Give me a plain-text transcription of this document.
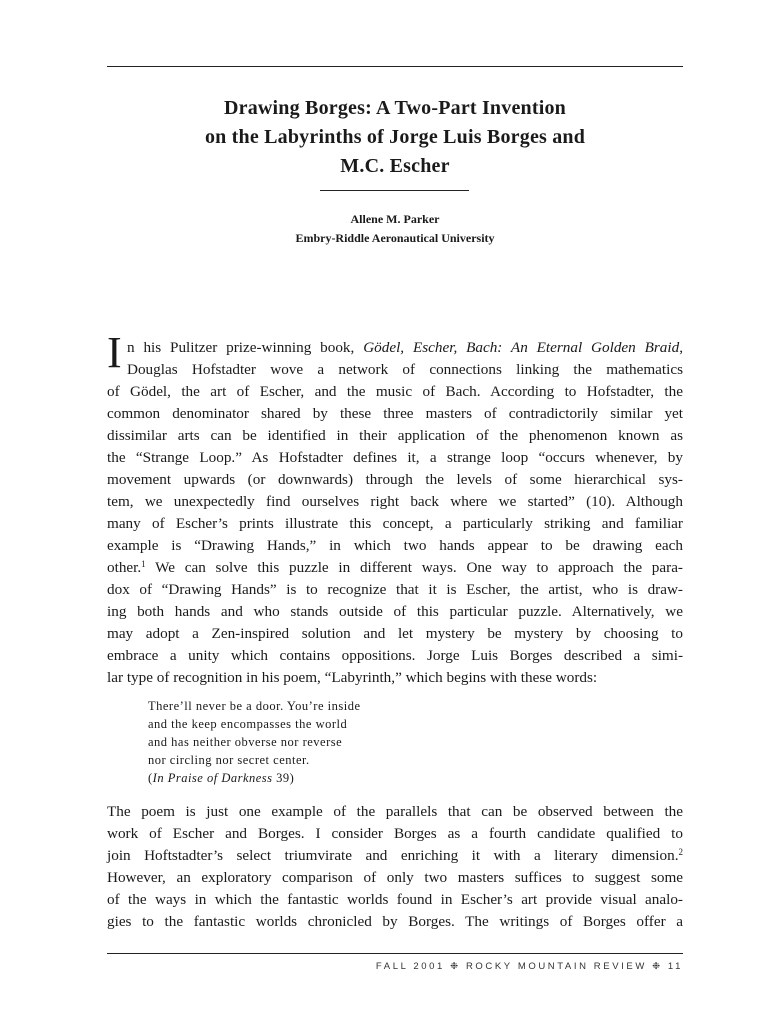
Drawing Borges: A Two-Part Invention
on the Labyrinths of Jorge Luis Borges and
M.C. Escher
Allene M. Parker
Embry-Riddle Aeronautical University
I n his Pulitzer prize-winning book, Gödel, Escher, Bach: An Eternal Golden Braid,
Douglas Hofstadter wove a network of connections linking the mathematics
of Gödel, the art of Escher, and the music of Bach. According to Hofstadter, the
common denominator shared by these three masters of contradictorily similar yet
dissimilar arts can be identified in their application of the phenomenon known as
the “Strange Loop.” As Hofstadter defines it, a strange loop “occurs whenever, by
movement upwards (or downwards) through the levels of some hierarchical sys-
tem, we unexpectedly find ourselves right back where we started” (10). Although
many of Escher’s prints illustrate this concept, a particularly striking and familiar
example is “Drawing Hands,” in which two hands appear to be drawing each
other.$^1$ We can solve this puzzle in different ways. One way to approach the para-
dox of “Drawing Hands” is to recognize that it is Escher, the artist, who is draw-
ing both hands and who stands outside of this particular puzzle. Alternatively, we
may adopt a Zen-inspired solution and let mystery be mystery by choosing to
embrace a unity which contains oppositions. Jorge Luis Borges described a simi-
lar type of recognition in his poem, “Labyrinth,” which begins with these words:
There’ll never be a door. You’re inside
and the keep encompasses the world
and has neither obverse nor reverse
nor circling nor secret center.
(In Praise of Darkness 39)
The poem is just one example of the parallels that can be observed between the
work of Escher and Borges. I consider Borges as a fourth candidate qualified to
join Hoftstadter’s select triumvirate and enriching it with a literary dimension.$^2$
However, an exploratory comparison of only two masters suffices to suggest some
of the ways in which the fantastic worlds found in Escher’s art provide visual analo-
gies to the fantastic worlds chronicled by Borges. The writings of Borges offer a
FALL 2001 ❉ ROCKY MOUNTAIN REVIEW ❉ 11
